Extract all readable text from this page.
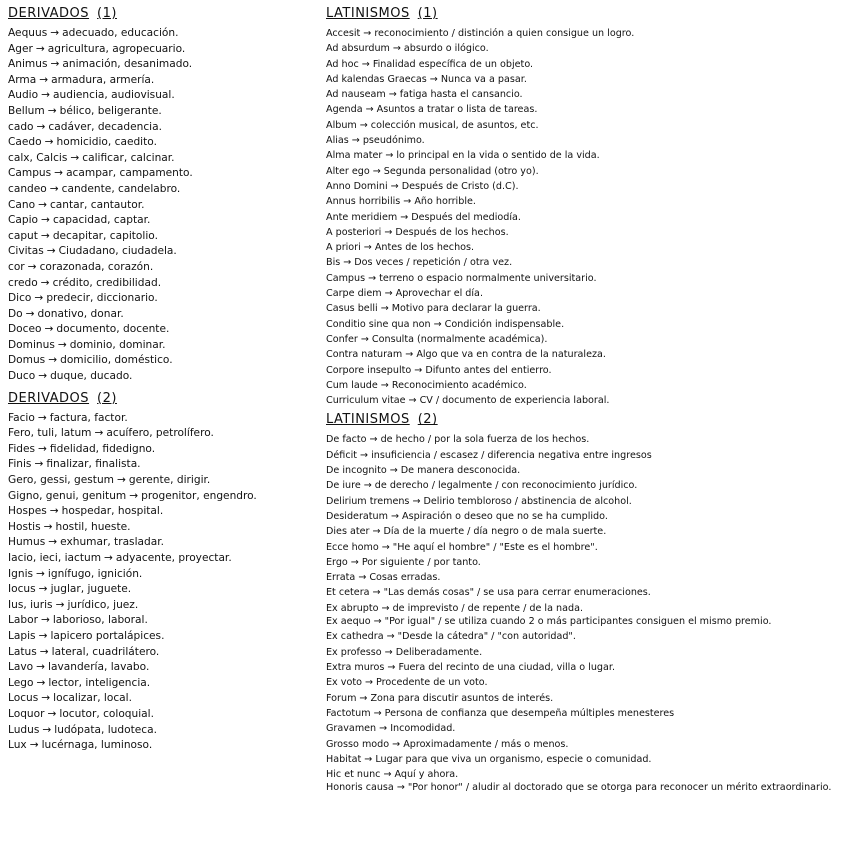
DERIVADOS (1)
Aequus → adecuado, educación.
Ager → agricultura, agropecuario.
Animus → animación, desanimado.
Arma → armadura, armería.
Audio → audiencia, audiovisual.
Bellum → bélico, beligerante.
cado → cadáver, decadencia.
Caedo → homicidio, caedito.
calx, Calcis → calificar, calcinar.
Campus → acampar, campamento.
candeo → candente, candelabro.
Cano → cantar, cantautor.
Capio → capacidad, captar.
caput → decapitar, capitolio.
Civitas → Ciudadano, ciudadela.
cor → corazonada, corazón.
credo → crédito, credibilidad.
Dico → predecir, diccionario.
Do → donativo, donar.
Doceo → documento, docente.
Dominus → dominio, dominar.
Domus → domicilio, doméstico.
Duco → duque, ducado.
DERIVADOS (2)
Facio → factura, factor.
Fero, tuli, latum → acuífero, petrolífero.
Fides → fidelidad, fidedigno.
Finis → finalizar, finalista.
Gero, gessi, gestum → gerente, dirigir.
Gigno, genui, genitum → progenitor, engendro.
Hospes → hospedar, hospital.
Hostis → hostil, hueste.
Humus → exhumar, trasladar.
Iacio, ieci, iactum → adyacente, proyectar.
Ignis → ignífugo, ignición.
Iocus → juglar, juguete.
Ius, iuris → jurídico, juez.
Labor → laborioso, laboral.
Lapis → lapicero portalápices.
Latus → lateral, cuadrilátero.
Lavo → lavandería, lavabo.
Lego → lector, inteligencia.
Locus → localizar, local.
Loquor → locutor, coloquial.
Ludus → ludópata, ludoteca.
Lux → lucérnaga, luminoso.
LATINISMOS (1)
Accesit → reconocimiento / distinción a quien consigue un logro.
Ad absurdum → absurdo o ilógico.
Ad hoc → Finalidad específica de un objeto.
Ad kalendas Graecas → Nunca va a pasar.
Ad nauseam → fatiga hasta el cansancio.
Agenda → Asuntos a tratar o lista de tareas.
Album → colección musical, de asuntos, etc.
Alias → pseudónimo.
Alma mater → lo principal en la vida o sentido de la vida.
Alter ego → Segunda personalidad (otro yo).
Anno Domini → Después de Cristo (d.C).
Annus horribilis → Año horrible.
Ante meridiem → Después del mediodía.
A posteriori → Después de los hechos.
A priori → Antes de los hechos.
Bis → Dos veces / repetición / otra vez.
Campus → terreno o espacio normalmente universitario.
Carpe diem → Aprovechar el día.
Casus belli → Motivo para declarar la guerra.
Conditio sine qua non → Condición indispensable.
Confer → Consulta (normalmente académica).
Contra naturam → Algo que va en contra de la naturaleza.
Corpore insepulto → Difunto antes del entierro.
Cum laude → Reconocimiento académico.
Curriculum vitae → CV / documento de experiencia laboral.
LATINISMOS (2)
De facto → de hecho / por la sola fuerza de los hechos.
Déficit → insuficiencia / escasez / diferencia negativa entre ingresos
De incognito → De manera desconocida.
De iure → de derecho / legalmente / con reconocimiento jurídico.
Delirium tremens → Delirio tembloroso / abstinencia de alcohol.
Desideratum → Aspiración o deseo que no se ha cumplido.
Dies ater → Día de la muerte / día negro o de mala suerte.
Ecce homo → "He aquí el hombre" / "Este es el hombre".
Ergo → Por siguiente / por tanto.
Errata → Cosas erradas.
Et cetera → "Las demás cosas" / se usa para cerrar enumeraciones.
Ex abrupto → de imprevisto / de repente / de la nada.
Ex aequo → "Por igual" / se utiliza cuando 2 o más participantes consiguen el mismo premio.
Ex cathedra → "Desde la cátedra" / "con autoridad".
Ex professo → Deliberadamente.
Extra muros → Fuera del recinto de una ciudad, villa o lugar.
Ex voto → Procedente de un voto.
Forum → Zona para discutir asuntos de interés.
Factotum → Persona de confianza que desempeña múltiples menesteres
Gravamen → Incomodidad.
Grosso modo → Aproximadamente / más o menos.
Habitat → Lugar para que viva un organismo, especie o comunidad.
Hic et nunc → Aquí y ahora.
Honoris causa → "Por honor" / aludir al doctorado que se otorga para reconocer un mérito extraordinario.
